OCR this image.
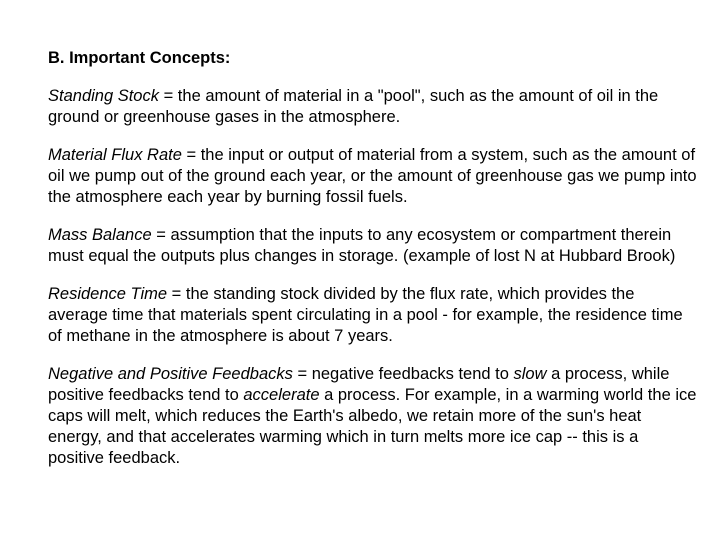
B. Important Concepts:
Standing Stock = the amount of material in a "pool", such as the amount of oil in the ground or greenhouse gases in the atmosphere.
Material Flux Rate = the input or output of material from a system, such as the amount of oil we pump out of the ground each year, or the amount of greenhouse gas we pump into the atmosphere each year by burning fossil fuels.
Mass Balance = assumption that the inputs to any ecosystem or compartment therein must equal the outputs plus changes in storage. (example of lost N at Hubbard Brook)
Residence Time = the standing stock divided by the flux rate, which provides the average time that materials spent circulating in a pool - for example, the residence time of methane in the atmosphere is about 7 years.
Negative and Positive Feedbacks = negative feedbacks tend to slow a process, while positive feedbacks tend to accelerate a process. For example, in a warming world the ice caps will melt, which reduces the Earth's albedo, we retain more of the sun's heat energy, and that accelerates warming which in turn melts more ice cap -- this is a positive feedback.
